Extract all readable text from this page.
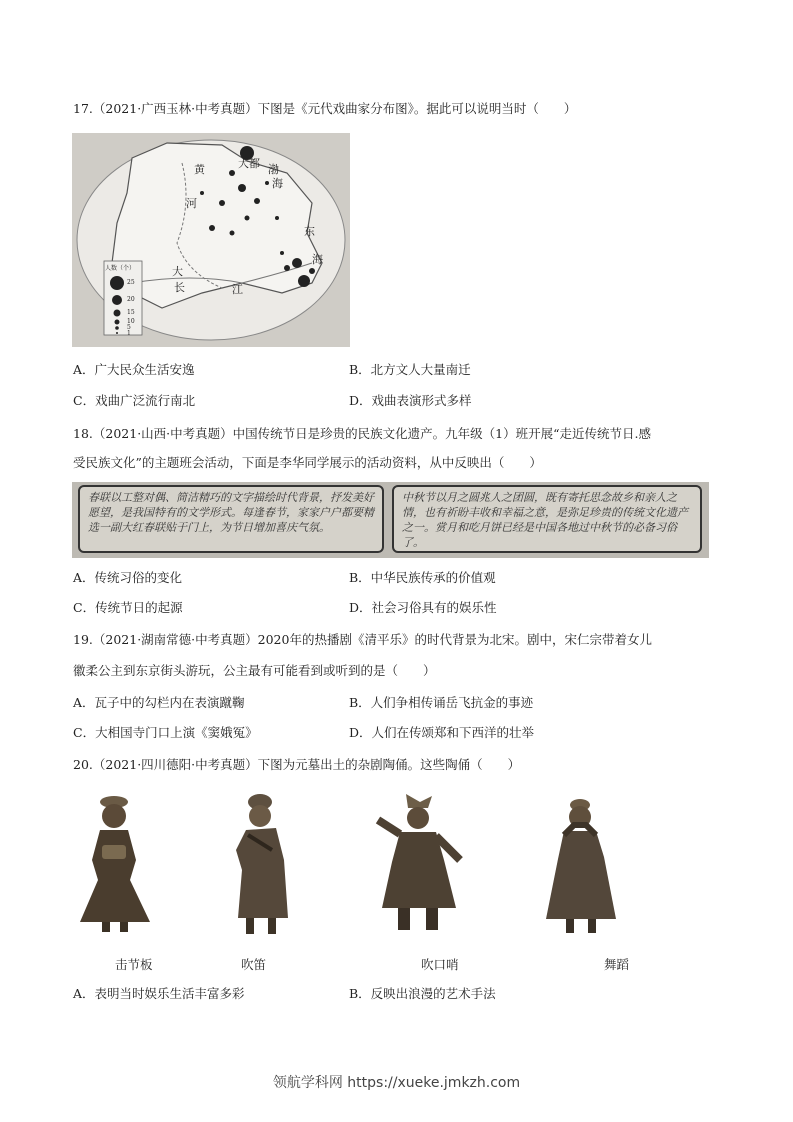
17.（2021·广西玉林·中考真题）下图是《元代戏曲家分布图》。据此可以说明当时（　　）
大都
黄	渤
海
河
东
海
大
长	江
人数（个）
25
20
15
10
5
1
A．广大民众生活安逸	B．北方文人大量南迁
C．戏曲广泛流行南北	D．戏曲表演形式多样
18.（2021·山西·中考真题）中国传统节日是珍贵的民族文化遗产。九年级（1）班开展“走近传统节日.感
受民族文化”的主题班会活动，下面是李华同学展示的活动资料，从中反映出（　　）
春联以工整对偶、简洁精巧的文字描绘时代背景，抒发美好愿望，是我国特有的文学形式。每逢春节，家家户户都要精选一副大红春联贴于门上，为节日增加喜庆气氛。
中秋节以月之圆兆人之团圆，既有寄托思念故乡和亲人之情，也有祈盼丰收和幸福之意，是弥足珍贵的传统文化遗产之一。赏月和吃月饼已经是中国各地过中秋节的必备习俗了。
A．传统习俗的变化	B．中华民族传承的价值观
C．传统节日的起源	D．社会习俗具有的娱乐性
19.（2021·湖南常德·中考真题）2020年的热播剧《清平乐》的时代背景为北宋。剧中，宋仁宗带着女儿
徽柔公主到东京街头游玩，公主最有可能看到或听到的是（　　）
A．瓦子中的勾栏内在表演蹴鞠	B．人们争相传诵岳飞抗金的事迹
C．大相国寺门口上演《窦娥冤》	D．人们在传颂郑和下西洋的壮举
20.（2021·四川德阳·中考真题）下图为元墓出土的杂剧陶俑。这些陶俑（　　）
击节板	吹笛	吹口哨	舞蹈
A．表明当时娱乐生活丰富多彩	B．反映出浪漫的艺术手法
领航学科网 https://xueke.jmkzh.com
